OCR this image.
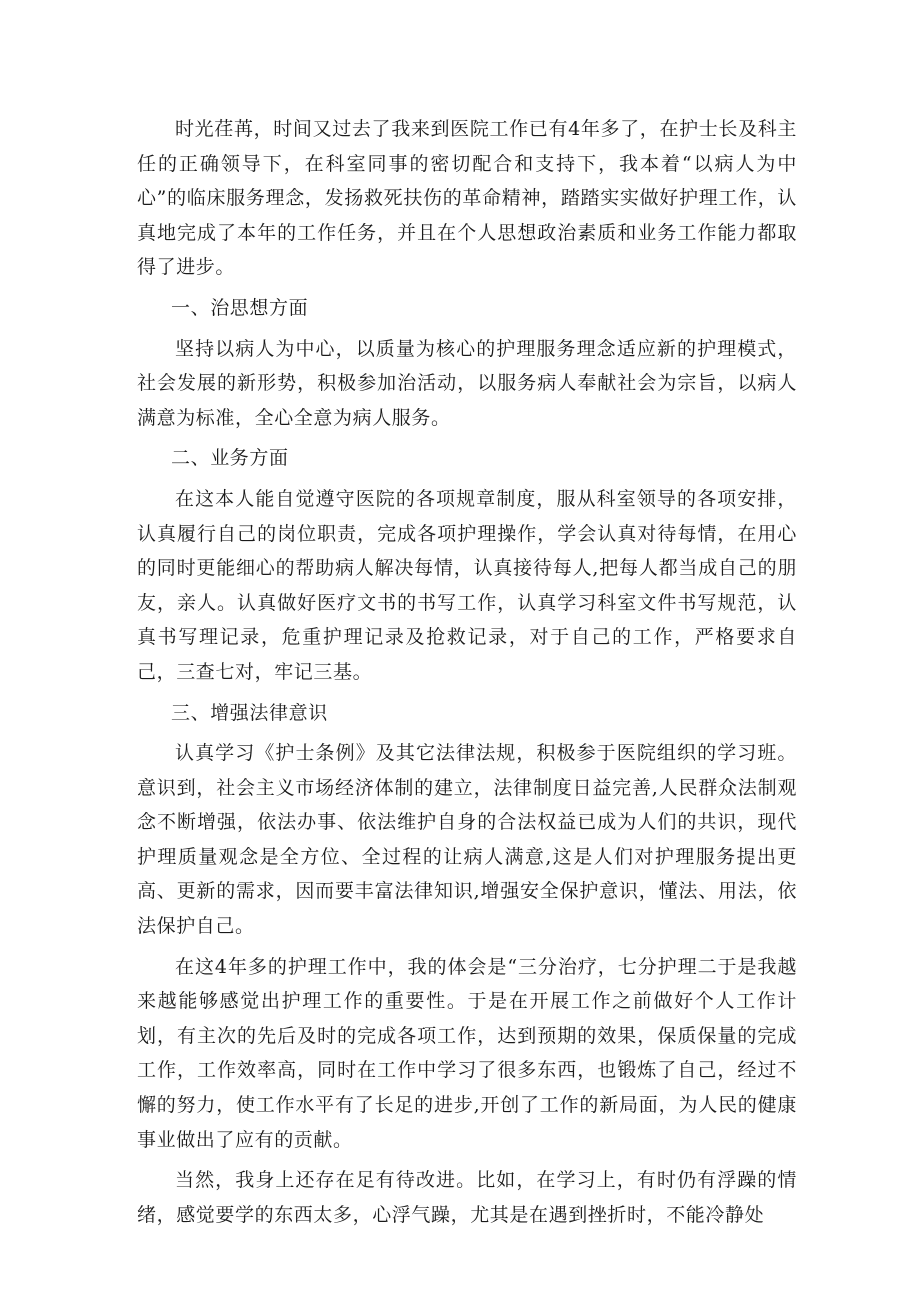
时光荏苒，时间又过去了我来到医院工作已有4年多了，在护士长及科主任的正确领导下，在科室同事的密切配合和支持下，我本着“以病人为中心”的临床服务理念，发扬救死扶伤的革命精神，踏踏实实做好护理工作，认真地完成了本年的工作任务，并且在个人思想政治素质和业务工作能力都取得了进步。

一、治思想方面

坚持以病人为中心，以质量为核心的护理服务理念适应新的护理模式，社会发展的新形势，积极参加治活动，以服务病人奉献社会为宗旨，以病人满意为标准，全心全意为病人服务。

二、业务方面

在这本人能自觉遵守医院的各项规章制度，服从科室领导的各项安排，认真履行自己的岗位职责，完成各项护理操作，学会认真对待每情，在用心的同时更能细心的帮助病人解决每情，认真接待每人,把每人都当成自己的朋友，亲人。认真做好医疗文书的书写工作，认真学习科室文件书写规范，认真书写理记录，危重护理记录及抢救记录，对于自己的工作，严格要求自己，三查七对，牢记三基。

三、增强法律意识

认真学习《护士条例》及其它法律法规，积极参于医院组织的学习班。意识到，社会主义市场经济体制的建立，法律制度日益完善,人民群众法制观念不断增强，依法办事、依法维护自身的合法权益已成为人们的共识，现代护理质量观念是全方位、全过程的让病人满意,这是人们对护理服务提出更高、更新的需求，因而要丰富法律知识,增强安全保护意识，懂法、用法，依法保护自己。

在这4年多的护理工作中，我的体会是“三分治疗，七分护理二于是我越来越能够感觉出护理工作的重要性。于是在开展工作之前做好个人工作计划，有主次的先后及时的完成各项工作，达到预期的效果，保质保量的完成工作，工作效率高，同时在工作中学习了很多东西，也锻炼了自己，经过不懈的努力，使工作水平有了长足的进步,开创了工作的新局面，为人民的健康事业做出了应有的贡献。

当然，我身上还存在足有待改进。比如，在学习上，有时仍有浮躁的情绪，感觉要学的东西太多，心浮气躁，尤其是在遇到挫折时，不能冷静处
